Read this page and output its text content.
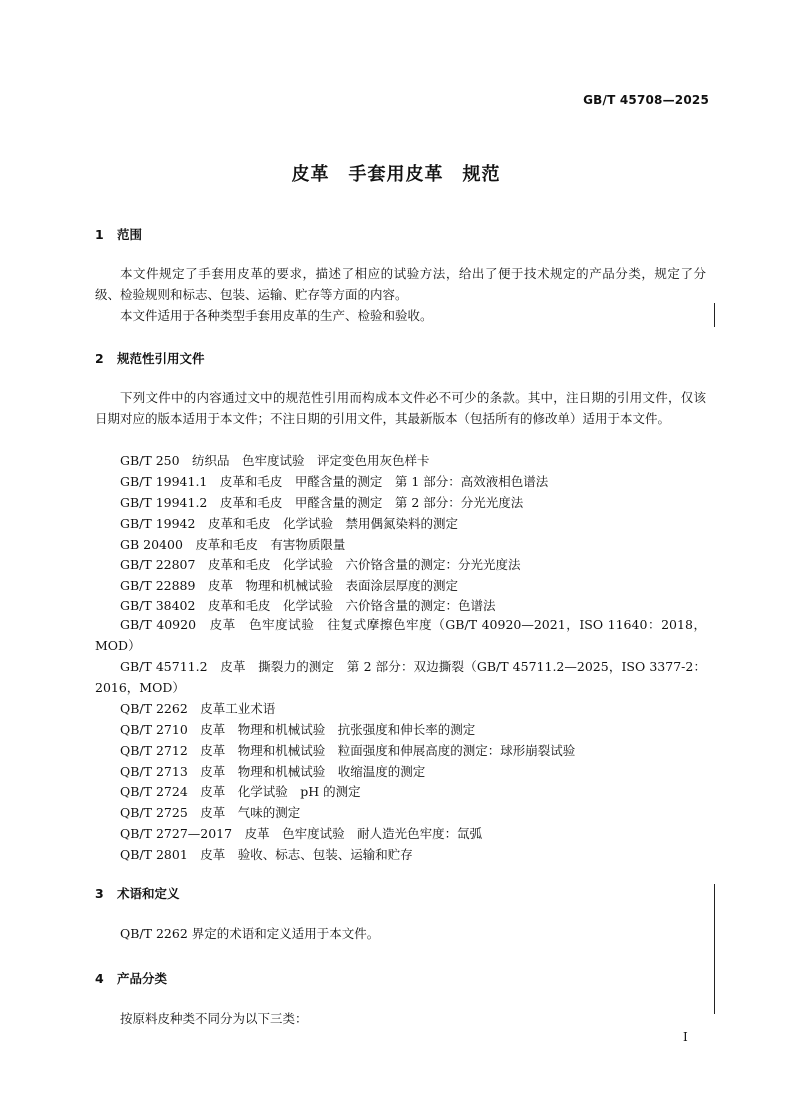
GB/T 45708—2025
皮革　手套用皮革　规范
1 范围
本文件规定了手套用皮革的要求，描述了相应的试验方法，给出了便于技术规定的产品分类，规定了分级、检验规则和标志、包装、运输、贮存等方面的内容。
本文件适用于各种类型手套用皮革的生产、检验和验收。
2 规范性引用文件
下列文件中的内容通过文中的规范性引用而构成本文件必不可少的条款。其中，注日期的引用文件，仅该日期对应的版本适用于本文件；不注日期的引用文件，其最新版本（包括所有的修改单）适用于本文件。
GB/T 250　纺织品　色牢度试验　评定变色用灰色样卡
GB/T 19941.1　皮革和毛皮　甲醛含量的测定　第 1 部分：高效液相色谱法
GB/T 19941.2　皮革和毛皮　甲醛含量的测定　第 2 部分：分光光度法
GB/T 19942　皮革和毛皮　化学试验　禁用偶氮染料的测定
GB 20400　皮革和毛皮　有害物质限量
GB/T 22807　皮革和毛皮　化学试验　六价铬含量的测定：分光光度法
GB/T 22889　皮革　物理和机械试验　表面涂层厚度的测定
GB/T 38402　皮革和毛皮　化学试验　六价铬含量的测定：色谱法
GB/T 40920　皮革　色牢度试验　往复式摩擦色牢度（GB/T 40920—2021，ISO 11640：2018，MOD）
GB/T 45711.2　皮革　撕裂力的测定　第 2 部分：双边撕裂（GB/T 45711.2—2025，ISO 3377-2：2016，MOD）
QB/T 2262　皮革工业术语
QB/T 2710　皮革　物理和机械试验　抗张强度和伸长率的测定
QB/T 2712　皮革　物理和机械试验　粒面强度和伸展高度的测定：球形崩裂试验
QB/T 2713　皮革　物理和机械试验　收缩温度的测定
QB/T 2724　皮革　化学试验　pH 的测定
QB/T 2725　皮革　气味的测定
QB/T 2727—2017　皮革　色牢度试验　耐人造光色牢度：氙弧
QB/T 2801　皮革　验收、标志、包装、运输和贮存
3 术语和定义
QB/T 2262 界定的术语和定义适用于本文件。
4 产品分类
按原料皮种类不同分为以下三类：
I
